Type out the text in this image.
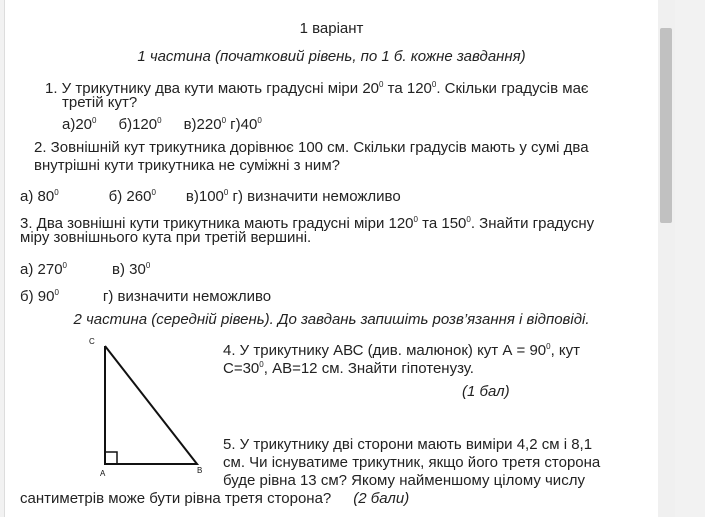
1 варіант
1 частина (початковий рівень, по 1 б. кожне завдання)
1. У трикутнику два кути мають градусні міри $20^0$ та $120^0$. Скільки градусів має
третій кут?
$а)20^0$ $б)120^0$ $в)220^0$ $г)40^0$
2. Зовнішній кут трикутника дорівнює 100 см. Скільки градусів мають у сумі два
внутрішні кути трикутника не суміжні з ним?
а) $80^0$	б) $260^0$ $в)100^0$ г) визначити неможливо
3. Два зовнішні кути трикутника мають градусні міри $120^0$ та $150^0$. Знайти градусну
міру зовнішнього кута при третій вершині.
а) $270^0$	в) $30^0$
б) $90^0$	г) визначити неможливо
2 частина (середній рівень). До завдань запишіть розв’язання і відповіді.
C
A	B
4. У трикутнику АВС (див. малюнок) кут $А = 90^0$, кут
$С=30^0$, АВ=12 см. Знайти гіпотенузу.
(1 бал)
5. У трикутнику дві сторони мають виміри 4,2 см і 8,1
см. Чи існуватиме трикутник, якщо його третя сторона
буде рівна 13 см? Якому найменшому цілому числу
сантиметрів може бути рівна третя сторона? (2 бали)
